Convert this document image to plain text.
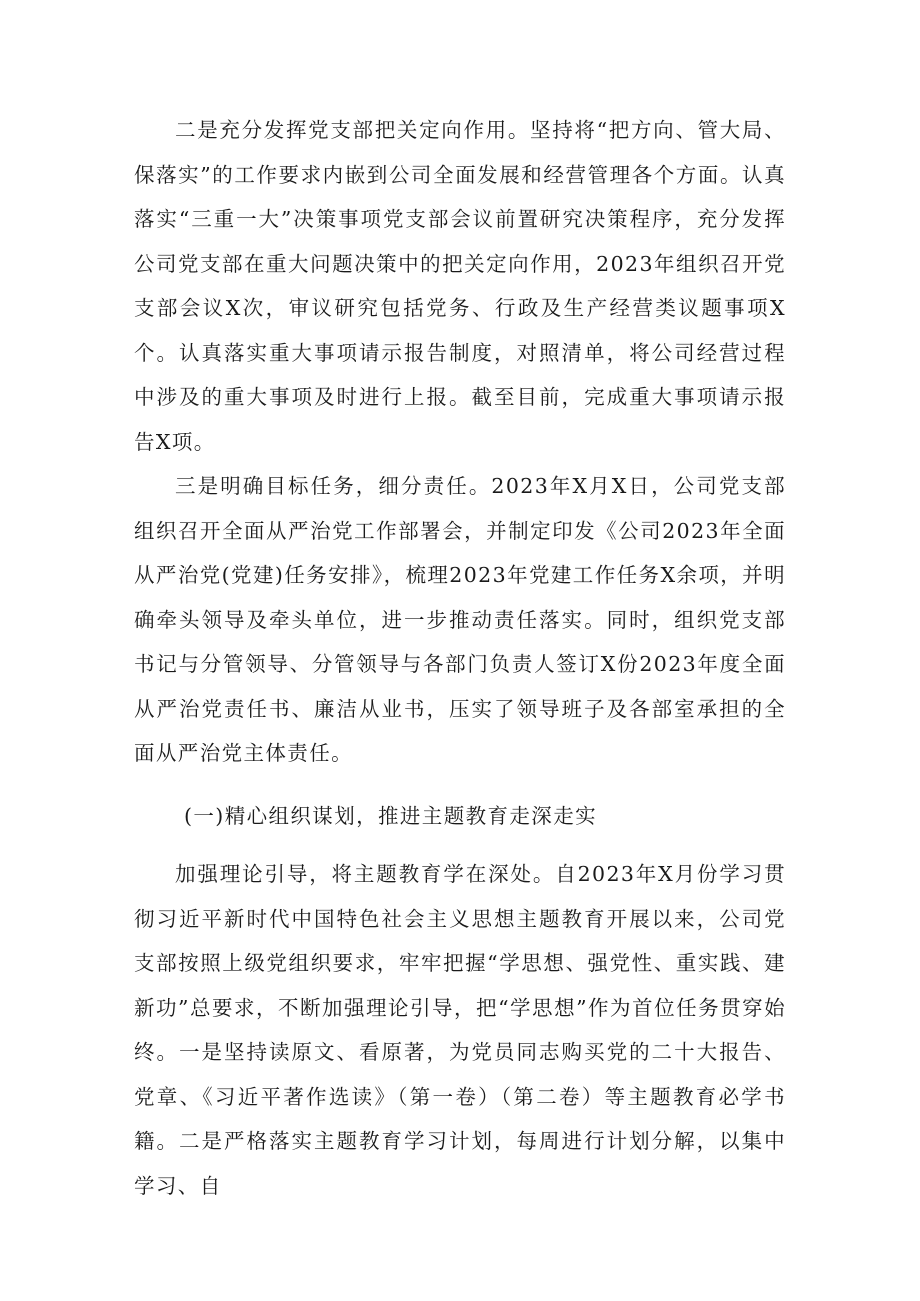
二是充分发挥党支部把关定向作用。坚持将“把方向、管大局、保落实”的工作要求内嵌到公司全面发展和经营管理各个方面。认真落实“三重一大”决策事项党支部会议前置研究决策程序，充分发挥公司党支部在重大问题决策中的把关定向作用，2023年组织召开党支部会议X次，审议研究包括党务、行政及生产经营类议题事项X个。认真落实重大事项请示报告制度，对照清单，将公司经营过程中涉及的重大事项及时进行上报。截至目前，完成重大事项请示报告X项。

三是明确目标任务，细分责任。2023年X月X日，公司党支部组织召开全面从严治党工作部署会，并制定印发《公司2023年全面从严治党(党建)任务安排》，梳理2023年党建工作任务X余项，并明确牵头领导及牵头单位，进一步推动责任落实。同时，组织党支部书记与分管领导、分管领导与各部门负责人签订X份2023年度全面从严治党责任书、廉洁从业书，压实了领导班子及各部室承担的全面从严治党主体责任。

(一)精心组织谋划，推进主题教育走深走实

加强理论引导，将主题教育学在深处。自2023年X月份学习贯彻习近平新时代中国特色社会主义思想主题教育开展以来，公司党支部按照上级党组织要求，牢牢把握“学思想、强党性、重实践、建新功”总要求，不断加强理论引导，把“学思想”作为首位任务贯穿始终。一是坚持读原文、看原著，为党员同志购买党的二十大报告、党章、《习近平著作选读》（第一卷）（第二卷）等主题教育必学书籍。二是严格落实主题教育学习计划，每周进行计划分解，以集中学习、自
